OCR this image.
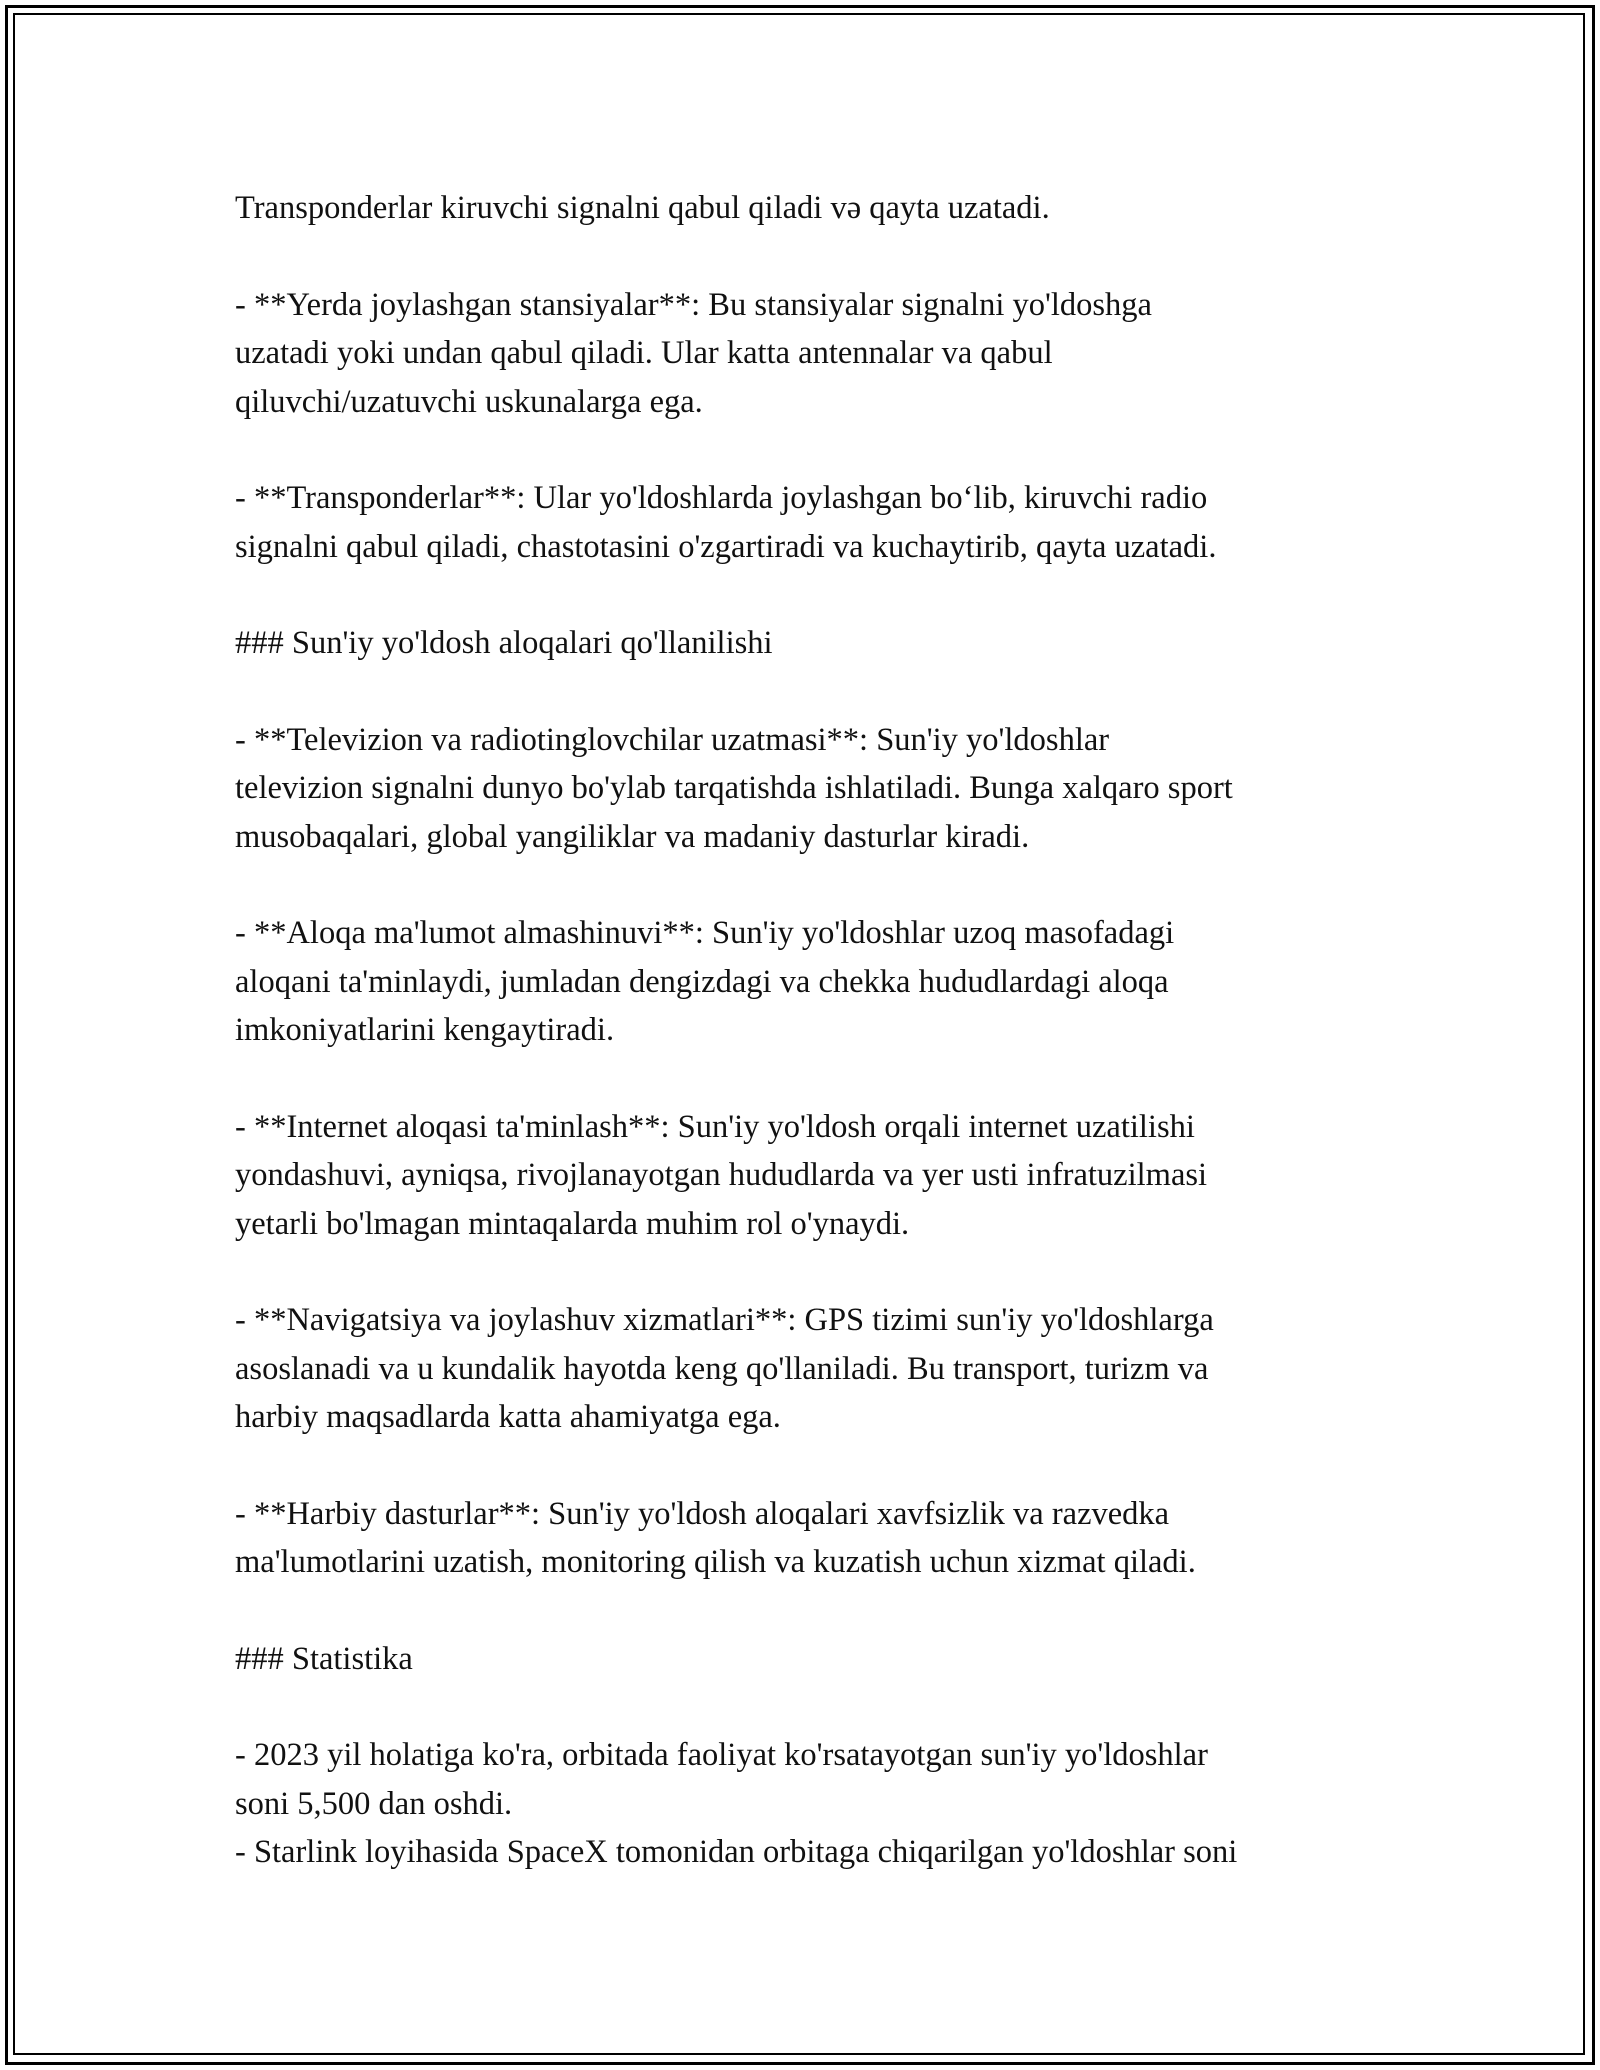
Transponderlar kiruvchi signalni qabul qiladi və qayta uzatadi.

- **Yerda joylashgan stansiyalar**: Bu stansiyalar signalni yo'ldoshga
uzatadi yoki undan qabul qiladi. Ular katta antennalar va qabul
qiluvchi/uzatuvchi uskunalarga ega.

- **Transponderlar**: Ular yo'ldoshlarda joylashgan bo‘lib, kiruvchi radio
signalni qabul qiladi, chastotasini o'zgartiradi va kuchaytirib, qayta uzatadi.

### Sun'iy yo'ldosh aloqalari qo'llanilishi

- **Televizion va radiotinglovchilar uzatmasi**: Sun'iy yo'ldoshlar
televizion signalni dunyo bo'ylab tarqatishda ishlatiladi. Bunga xalqaro sport
musobaqalari, global yangiliklar va madaniy dasturlar kiradi.

- **Aloqa ma'lumot almashinuvi**: Sun'iy yo'ldoshlar uzoq masofadagi
aloqani ta'minlaydi, jumladan dengizdagi va chekka hududlardagi aloqa
imkoniyatlarini kengaytiradi.

- **Internet aloqasi ta'minlash**: Sun'iy yo'ldosh orqali internet uzatilishi
yondashuvi, ayniqsa, rivojlanayotgan hududlarda va yer usti infratuzilmasi
yetarli bo'lmagan mintaqalarda muhim rol o'ynaydi.

- **Navigatsiya va joylashuv xizmatlari**: GPS tizimi sun'iy yo'ldoshlarga
asoslanadi va u kundalik hayotda keng qo'llaniladi. Bu transport, turizm va
harbiy maqsadlarda katta ahamiyatga ega.

- **Harbiy dasturlar**: Sun'iy yo'ldosh aloqalari xavfsizlik va razvedka
ma'lumotlarini uzatish, monitoring qilish va kuzatish uchun xizmat qiladi.

### Statistika

- 2023 yil holatiga ko'ra, orbitada faoliyat ko'rsatayotgan sun'iy yo'ldoshlar
soni 5,500 dan oshdi.
- Starlink loyihasida SpaceX tomonidan orbitaga chiqarilgan yo'ldoshlar soni
